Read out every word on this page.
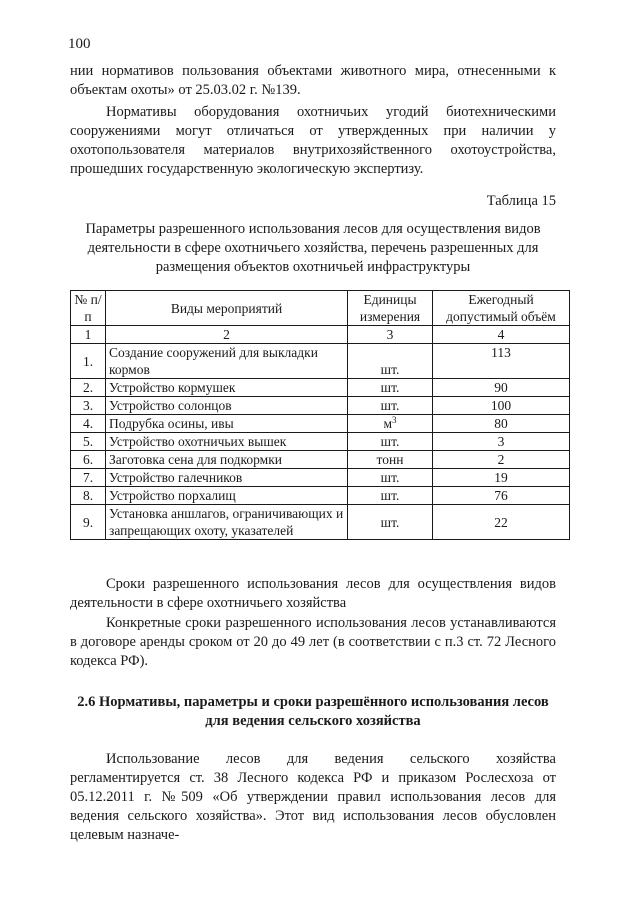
100

нии нормативов пользования объектами животного мира, отнесенными к объектам охоты» от 25.03.02 г. №139.

Нормативы оборудования охотничьих угодий биотехническими сооружениями могут отличаться от утвержденных при наличии у охотопользователя материалов внутрихозяйственного охотоустройства, прошедших государственную экологическую экспертизу.

Таблица 15
Параметры разрешенного использования лесов для осуществления видов деятельности в сфере охотничьего хозяйства, перечень разрешенных для размещения объектов охотничьей инфраструктуры
№ п/п	Виды мероприятий	Единицы измерения	Ежегодный допустимый объём
1	2	3	4
1.	Создание сооружений для выкладки кормов	шт.	113
2.	Устройство кормушек	шт.	90
3.	Устройство солонцов	шт.	100
4.	Подрубка осины, ивы	$м^3$	80
5.	Устройство охотничьих вышек	шт.	3
6.	Заготовка сена для подкормки	тонн	2
7.	Устройство галечников	шт.	19
8.	Устройство порхалищ	шт.	76
9.	Установка аншлагов, ограничивающих и запрещающих охоту, указателей	шт.	22

Сроки разрешенного использования лесов для осуществления видов деятельности в сфере охотничьего хозяйства

Конкретные сроки разрешенного использования лесов устанавливаются в договоре аренды сроком от 20 до 49 лет (в соответствии с п.3 ст. 72 Лесного кодекса РФ).

2.6 Нормативы, параметры и сроки разрешённого использования лесов для ведения сельского хозяйства

Использование лесов для ведения сельского хозяйства регламентируется ст. 38 Лесного кодекса РФ и приказом Рослесхоза от 05.12.2011 г. №509 «Об утверждении правил использования лесов для ведения сельского хозяйства». Этот вид использования лесов обусловлен целевым назначе-
